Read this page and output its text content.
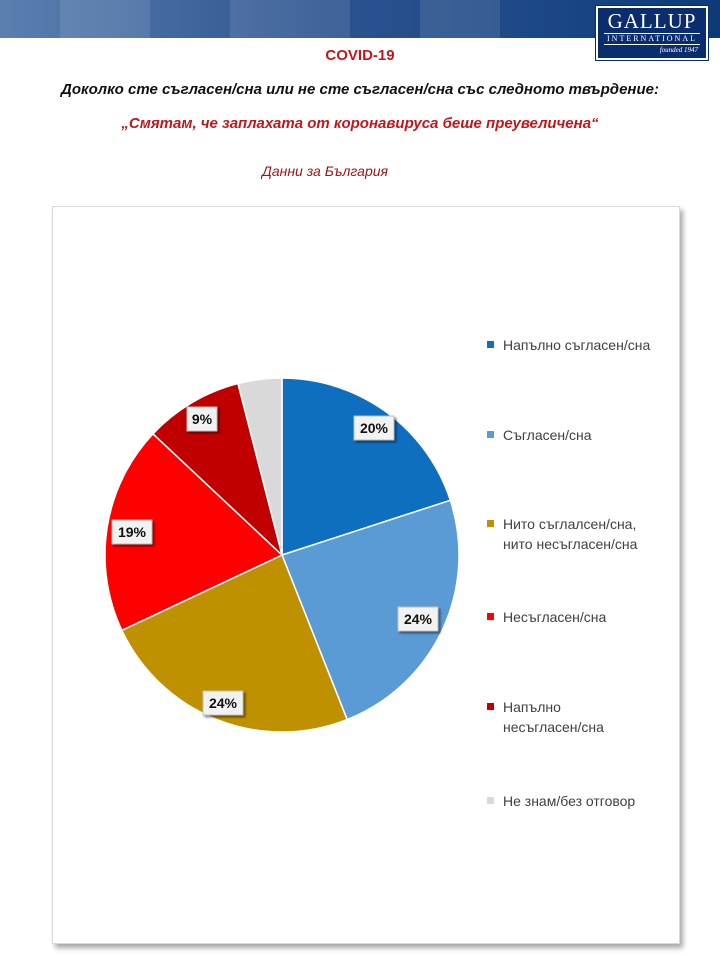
GALLUP
INTERNATIONAL
founded 1947
COVID-19
Доколко сте съгласен/сна или не сте съгласен/сна със следното твърдение:
„Смятам, че заплахата от коронавируса беше преувеличена“
Данни за България
20%
24%
24%
19%
9%
Напълно съгласен/сна
Съгласен/сна
Нито съглалсен/сна,
нито несъгласен/сна
Несъгласен/сна
Напълно
несъгласен/сна
Не знам/без отговор
